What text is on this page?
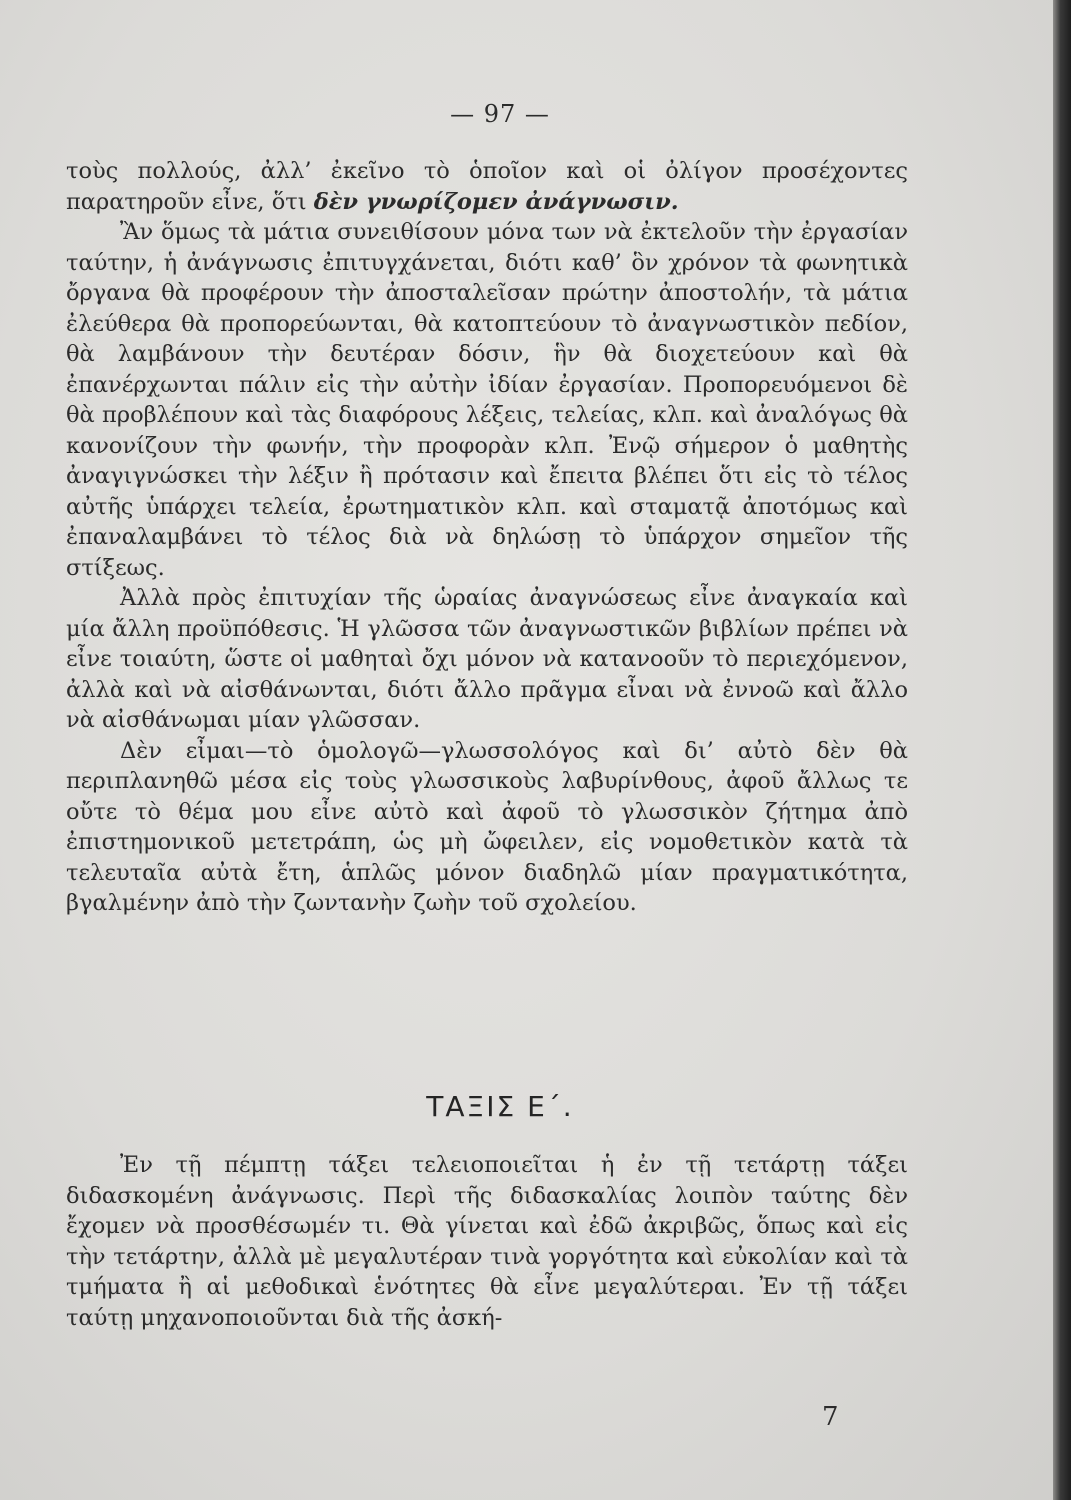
— 97 —

τοὺς πολλούς, ἀλλ’ ἐκεῖνο τὸ ὁποῖον καὶ οἱ ὀλίγον προσέχοντες παρατηροῦν εἶνε, ὅτι δὲν γνωρίζομεν ἀνάγνωσιν.

Ἂν ὅμως τὰ μάτια συνειθίσουν μόνα των νὰ ἐκτελοῦν τὴν ἐργασίαν ταύτην, ἡ ἀνάγνωσις ἐπιτυγχάνεται, διότι καθ’ ὃν χρόνον τὰ φωνητικὰ ὄργανα θὰ προφέρουν τὴν ἀποσταλεῖσαν πρώτην ἀποστολήν, τὰ μάτια ἐλεύθερα θὰ προπορεύωνται, θὰ κατοπτεύουν τὸ ἀναγνωστικὸν πεδίον, θὰ λαμβάνουν τὴν δευτέραν δόσιν, ἣν θὰ διοχετεύουν καὶ θὰ ἐπανέρχωνται πάλιν εἰς τὴν αὐτὴν ἰδίαν ἐργασίαν. Προπορευόμενοι δὲ θὰ προβλέπουν καὶ τὰς διαφόρους λέξεις, τελείας, κλπ. καὶ ἀναλόγως θὰ κανονίζουν τὴν φωνήν, τὴν προφορὰν κλπ. Ἐνῷ σήμερον ὁ μαθητὴς ἀναγιγνώσκει τὴν λέξιν ἢ πρότασιν καὶ ἔπειτα βλέπει ὅτι εἰς τὸ τέλος αὐτῆς ὑπάρχει τελεία, ἐρωτηματικὸν κλπ. καὶ σταματᾷ ἀποτόμως καὶ ἐπαναλαμβάνει τὸ τέλος διὰ νὰ δηλώσῃ τὸ ὑπάρχον σημεῖον τῆς στίξεως.

Ἀλλὰ πρὸς ἐπιτυχίαν τῆς ὡραίας ἀναγνώσεως εἶνε ἀναγκαία καὶ μία ἄλλη προϋπόθεσις. Ἡ γλῶσσα τῶν ἀναγνωστικῶν βιβλίων πρέπει νὰ εἶνε τοιαύτη, ὥστε οἱ μαθηταὶ ὄχι μόνον νὰ κατανοοῦν τὸ περιεχόμενον, ἀλλὰ καὶ νὰ αἰσθάνωνται, διότι ἄλλο πρᾶγμα εἶναι νὰ ἐννοῶ καὶ ἄλλο νὰ αἰσθάνωμαι μίαν γλῶσσαν.

Δὲν εἶμαι—τὸ ὁμολογῶ—γλωσσολόγος καὶ δι’ αὐτὸ δὲν θὰ περιπλανηθῶ μέσα εἰς τοὺς γλωσσικοὺς λαβυρίνθους, ἀφοῦ ἄλλως τε οὔτε τὸ θέμα μου εἶνε αὐτὸ καὶ ἀφοῦ τὸ γλωσσικὸν ζήτημα ἀπὸ ἐπιστημονικοῦ μετετράπη, ὡς μὴ ὤφειλεν, εἰς νομοθετικὸν κατὰ τὰ τελευταῖα αὐτὰ ἔτη, ἁπλῶς μόνον διαδηλῶ μίαν πραγματικότητα, βγαλμένην ἀπὸ τὴν ζωντανὴν ζωὴν τοῦ σχολείου.

ΤΑΞΙΣ Ε΄.

Ἐν τῇ πέμπτῃ τάξει τελειοποιεῖται ἡ ἐν τῇ τετάρτῃ τάξει διδασκομένη ἀνάγνωσις. Περὶ τῆς διδασκαλίας λοιπὸν ταύτης δὲν ἔχομεν νὰ προσθέσωμέν τι. Θὰ γίνεται καὶ ἐδῶ ἀκριβῶς, ὅπως καὶ εἰς τὴν τετάρτην, ἀλλὰ μὲ μεγαλυτέραν τινὰ γοργότητα καὶ εὐκολίαν καὶ τὰ τμήματα ἢ αἱ μεθοδικαὶ ἑνότητες θὰ εἶνε μεγαλύτεραι. Ἐν τῇ τάξει ταύτῃ μηχανοποιοῦνται διὰ τῆς ἀσκή-

7
